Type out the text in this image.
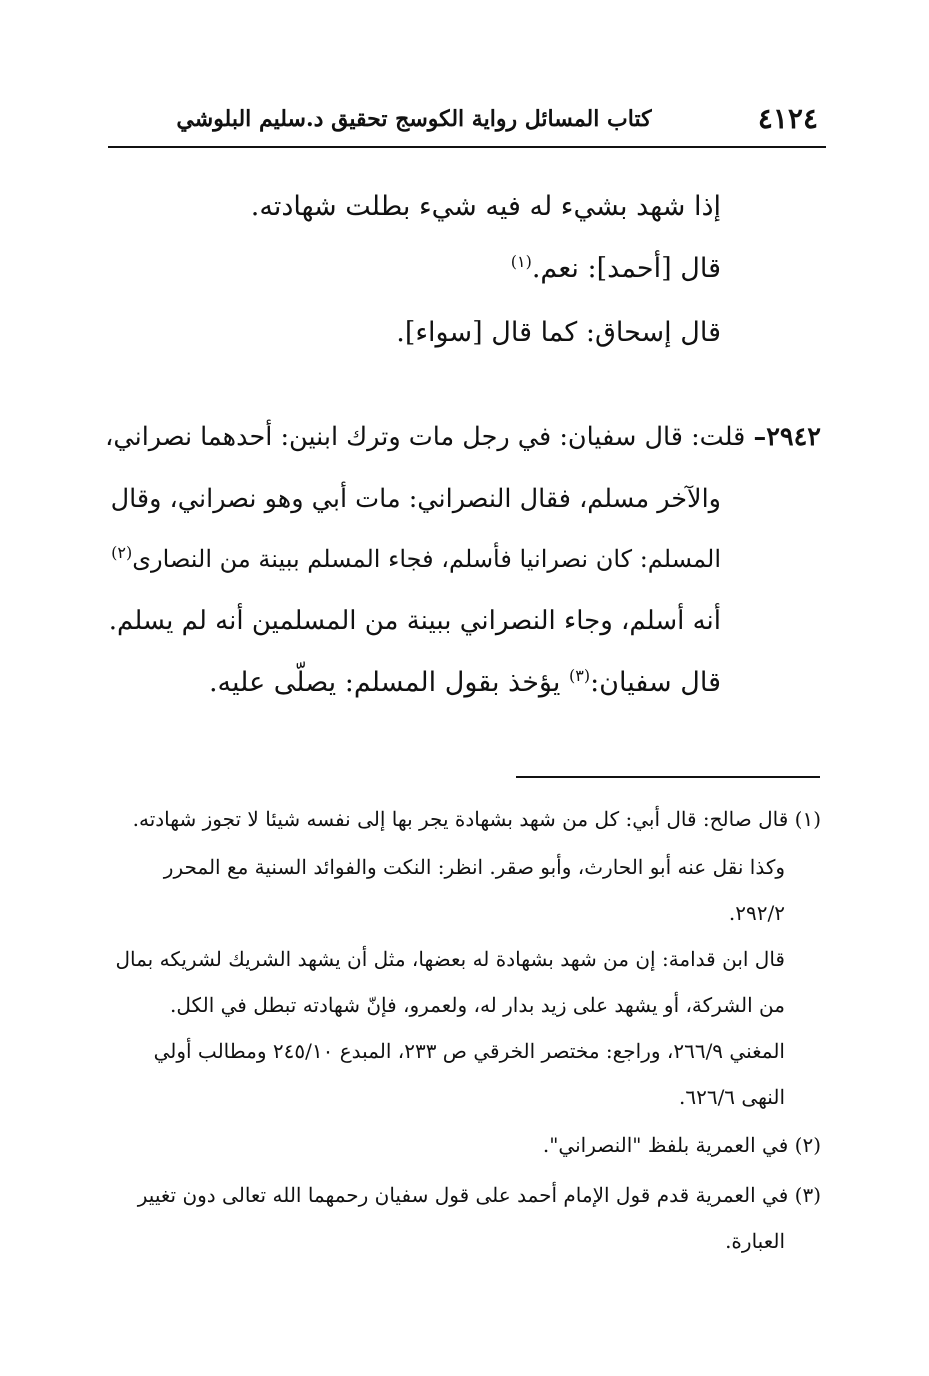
٤١٢٤
كتاب المسائل رواية الكوسج تحقيق د.سليم البلوشي
إذا شهد بشيء له فيه شيء بطلت شهادته.
قال [أحمد]: نعم.$^{(١)}$
قال إسحاق: كما قال [سواء].
٢٩٤٢– قلت: قال سفيان: في رجل مات وترك ابنين: أحدهما نصراني،
والآخر مسلم، فقال النصراني: مات أبي وهو نصراني، وقال
المسلم: كان نصرانيا فأسلم، فجاء المسلم ببينة من النصارى$^{(٢)}$
أنه أسلم، وجاء النصراني ببينة من المسلمين أنه لم يسلم.
قال سفيان:$^{(٣)}$ يؤخذ بقول المسلم: يصلّى عليه.
(١) قال صالح: قال أبي: كل من شهد بشهادة يجر بها إلى نفسه شيئا لا تجوز شهادته.
وكذا نقل عنه أبو الحارث، وأبو صقر. انظر: النكت والفوائد السنية مع المحرر
٢٩٢/٢.
قال ابن قدامة: إن من شهد بشهادة له بعضها، مثل أن يشهد الشريك لشريكه بمال
من الشركة، أو يشهد على زيد بدار له، ولعمرو، فإنّ شهادته تبطل في الكل.
المغني ٢٦٦/٩، وراجع: مختصر الخرقي ص ٢٣٣، المبدع ٢٤٥/١٠ ومطالب أولي
النهى ٦٢٦/٦.
(٢) في العمرية بلفظ "النصراني".
(٣) في العمرية قدم قول الإمام أحمد على قول سفيان رحمهما الله تعالى دون تغيير
العبارة.
